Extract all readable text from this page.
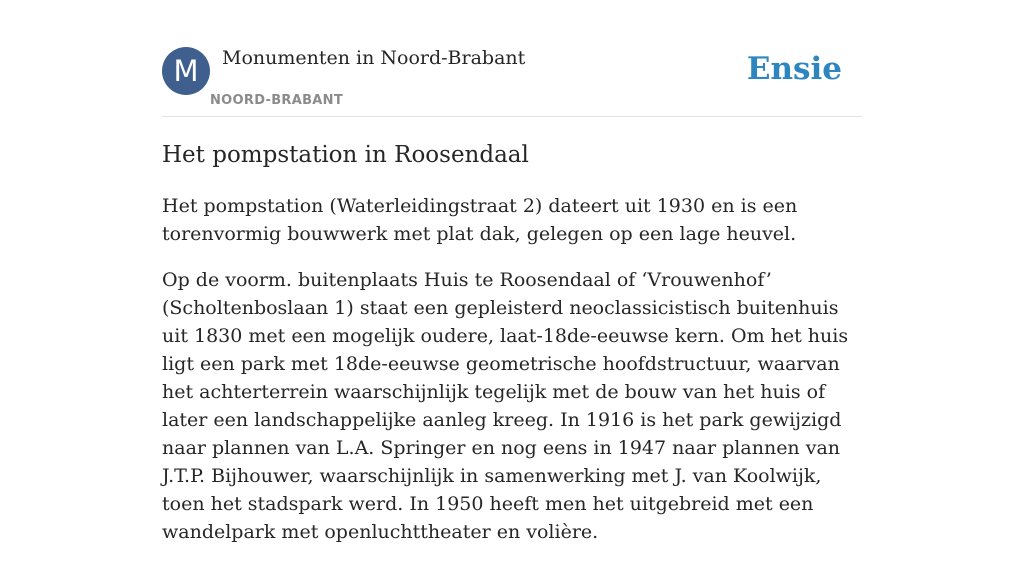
M	Monumenten in Noord-Brabant
NOORD-BRABANT
Ensie
Het pompstation in Roosendaal

Het pompstation (Waterleidingstraat 2) dateert uit 1930 en is een torenvormig bouwwerk met plat dak, gelegen op een lage heuvel.

Op de voorm. buitenplaats Huis te Roosendaal of ‘Vrouwenhof’ (Scholtenboslaan 1) staat een gepleisterd neoclassicistisch buitenhuis uit 1830 met een mogelijk oudere, laat-18de-eeuwse kern. Om het huis ligt een park met 18de-eeuwse geometrische hoofdstructuur, waarvan het achterterrein waarschijnlijk tegelijk met de bouw van het huis of later een landschappelijke aanleg kreeg. In 1916 is het park gewijzigd naar plannen van L.A. Springer en nog eens in 1947 naar plannen van J.T.P. Bijhouwer, waarschijnlijk in samenwerking met J. van Koolwijk, toen het stadspark werd. In 1950 heeft men het uitgebreid met een wandelpark met openluchttheater en volière.
